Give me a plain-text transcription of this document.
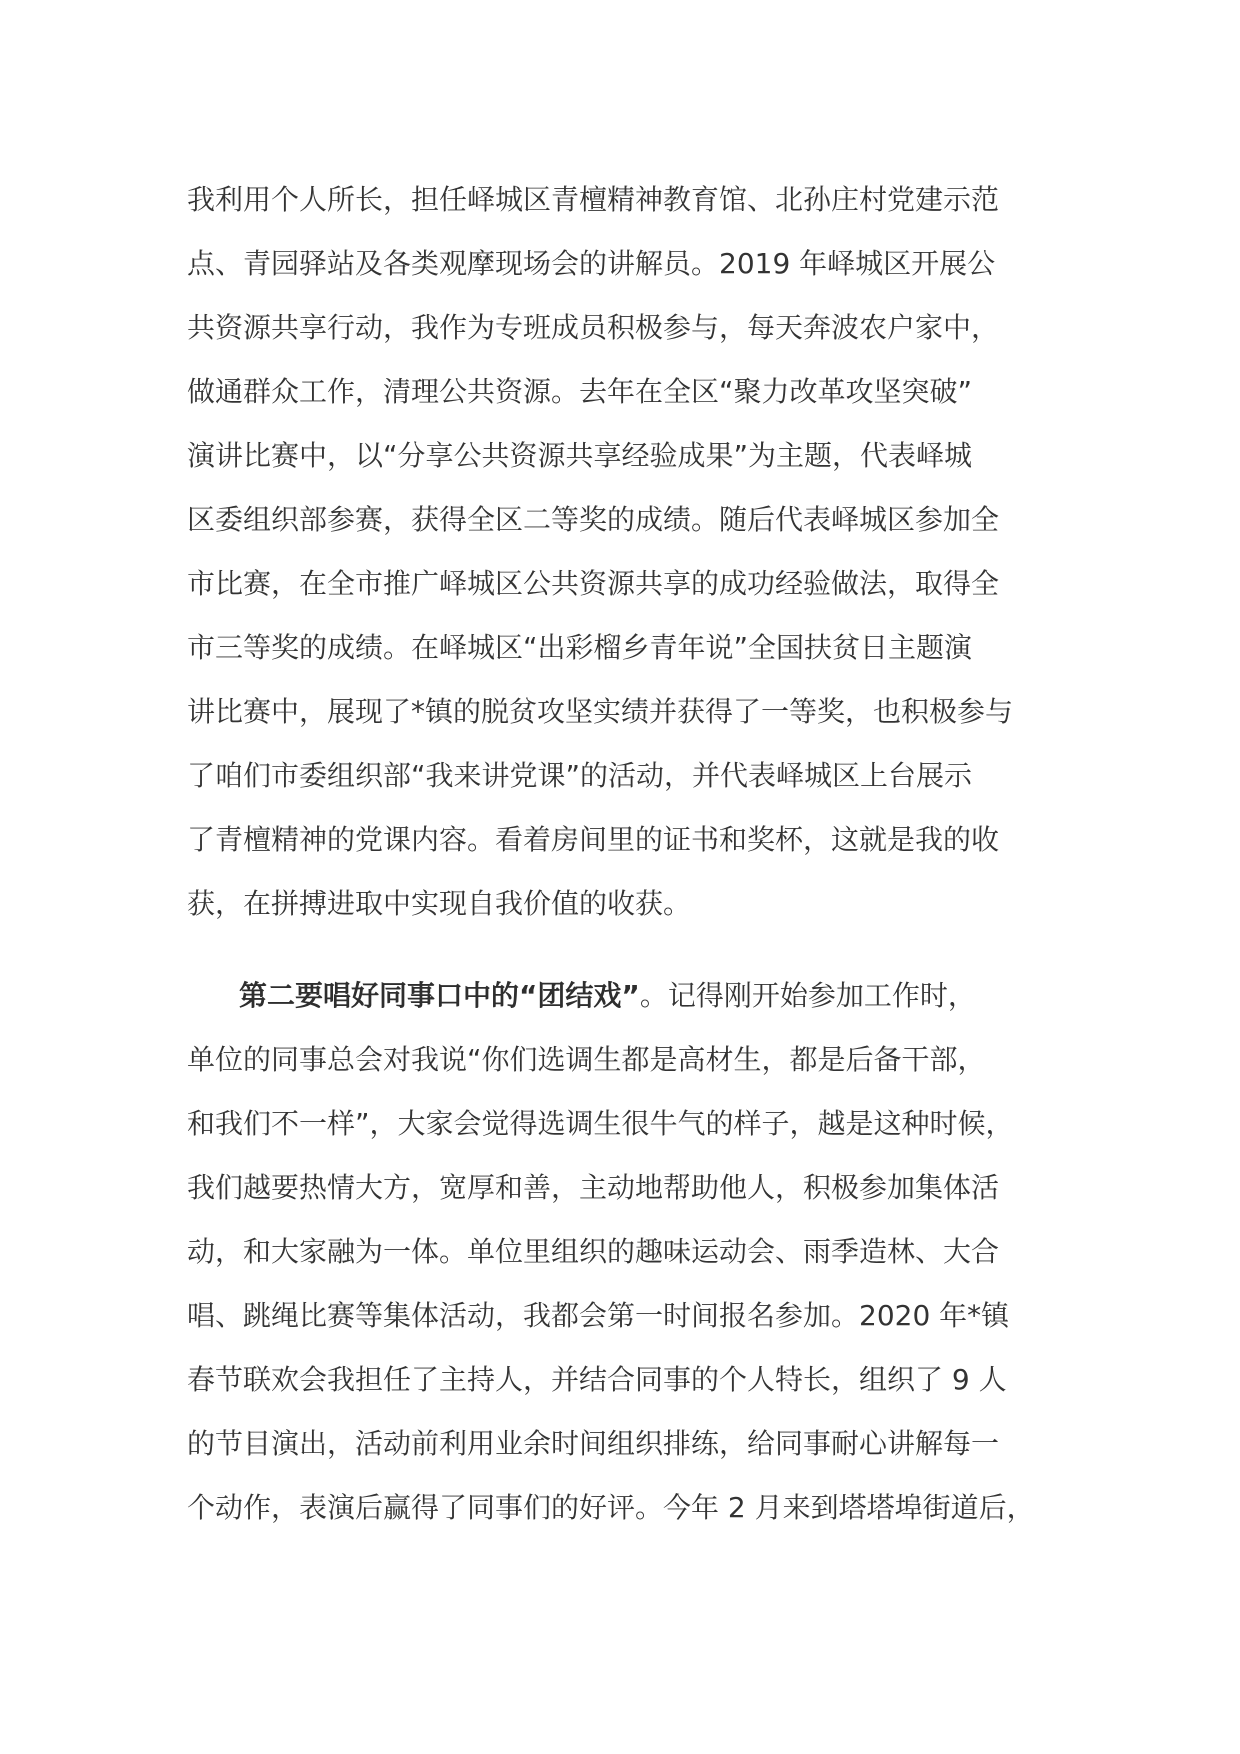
我利用个人所长，担任峄城区青檀精神教育馆、北孙庄村党建示范
点、青园驿站及各类观摩现场会的讲解员。2019 年峄城区开展公
共资源共享行动，我作为专班成员积极参与，每天奔波农户家中，
做通群众工作，清理公共资源。去年在全区“聚力改革攻坚突破”
演讲比赛中，以“分享公共资源共享经验成果”为主题，代表峄城
区委组织部参赛，获得全区二等奖的成绩。随后代表峄城区参加全
市比赛，在全市推广峄城区公共资源共享的成功经验做法，取得全
市三等奖的成绩。在峄城区“出彩榴乡青年说”全国扶贫日主题演
讲比赛中，展现了*镇的脱贫攻坚实绩并获得了一等奖，也积极参与
了咱们市委组织部“我来讲党课”的活动，并代表峄城区上台展示
了青檀精神的党课内容。看着房间里的证书和奖杯，这就是我的收
获，在拼搏进取中实现自我价值的收获。
第二要唱好同事口中的“团结戏”。记得刚开始参加工作时，
单位的同事总会对我说“你们选调生都是高材生，都是后备干部，
和我们不一样”，大家会觉得选调生很牛气的样子，越是这种时候，
我们越要热情大方，宽厚和善，主动地帮助他人，积极参加集体活
动，和大家融为一体。单位里组织的趣味运动会、雨季造林、大合
唱、跳绳比赛等集体活动，我都会第一时间报名参加。2020 年*镇
春节联欢会我担任了主持人，并结合同事的个人特长，组织了 9 人
的节目演出，活动前利用业余时间组织排练，给同事耐心讲解每一
个动作，表演后赢得了同事们的好评。今年 2 月来到塔塔埠街道后，
